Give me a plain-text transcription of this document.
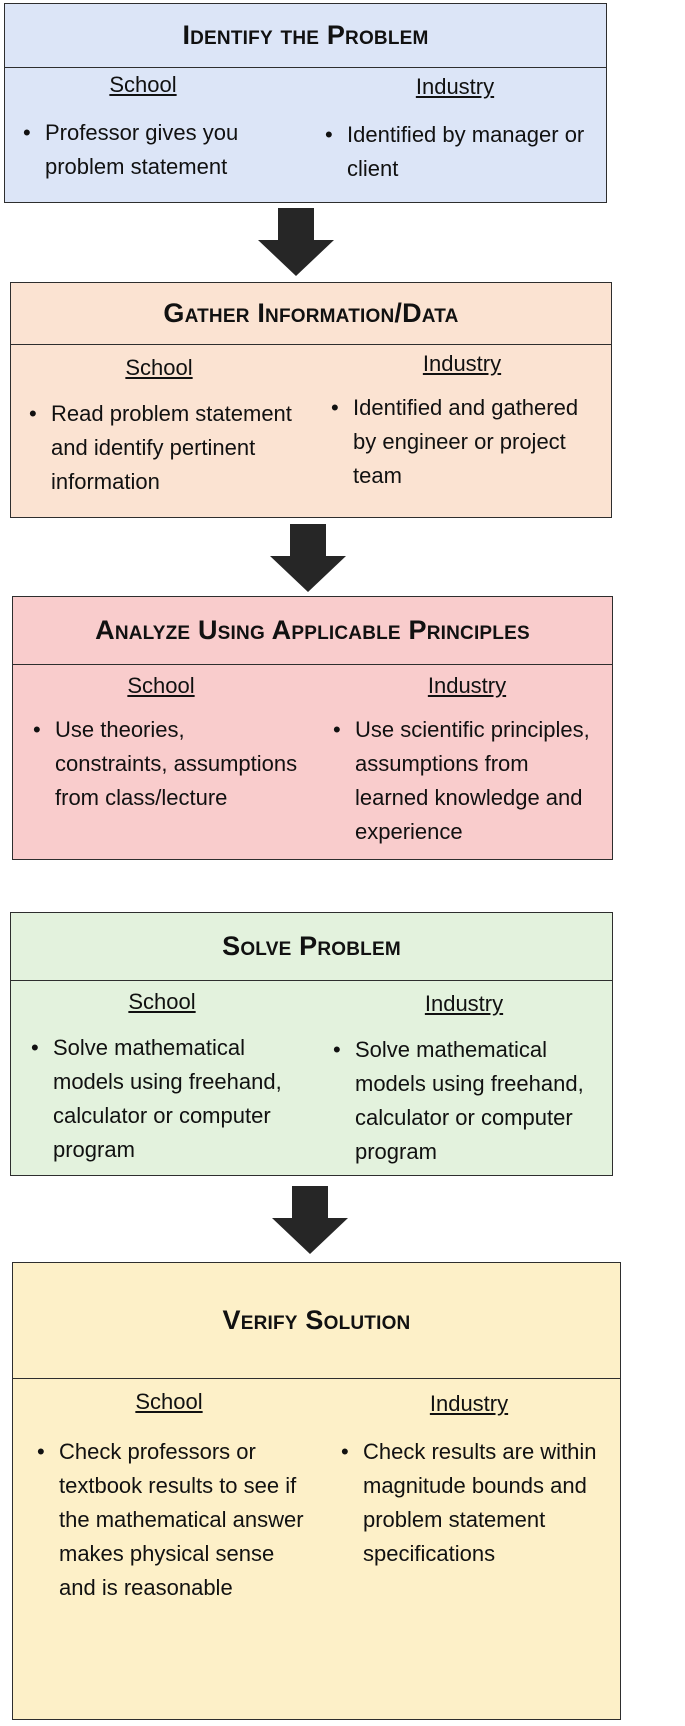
Identify the Problem
School
• Professor gives you problem statement
Industry
• Identified by manager or client
Gather Information/Data
School
• Read problem statement and identify pertinent information
Industry
• Identified and gathered by engineer or project team
Analyze Using Applicable Principles
School
• Use theories, constraints, assumptions from class/lecture
Industry
• Use scientific principles, assumptions from learned knowledge and experience
Solve Problem
School
• Solve mathematical models using freehand, calculator or computer program
Industry
• Solve mathematical models using freehand, calculator or computer program
Verify Solution
School
• Check professors or textbook results to see if the mathematical answer makes physical sense and is reasonable
Industry
• Check results are within magnitude bounds and problem statement specifications
